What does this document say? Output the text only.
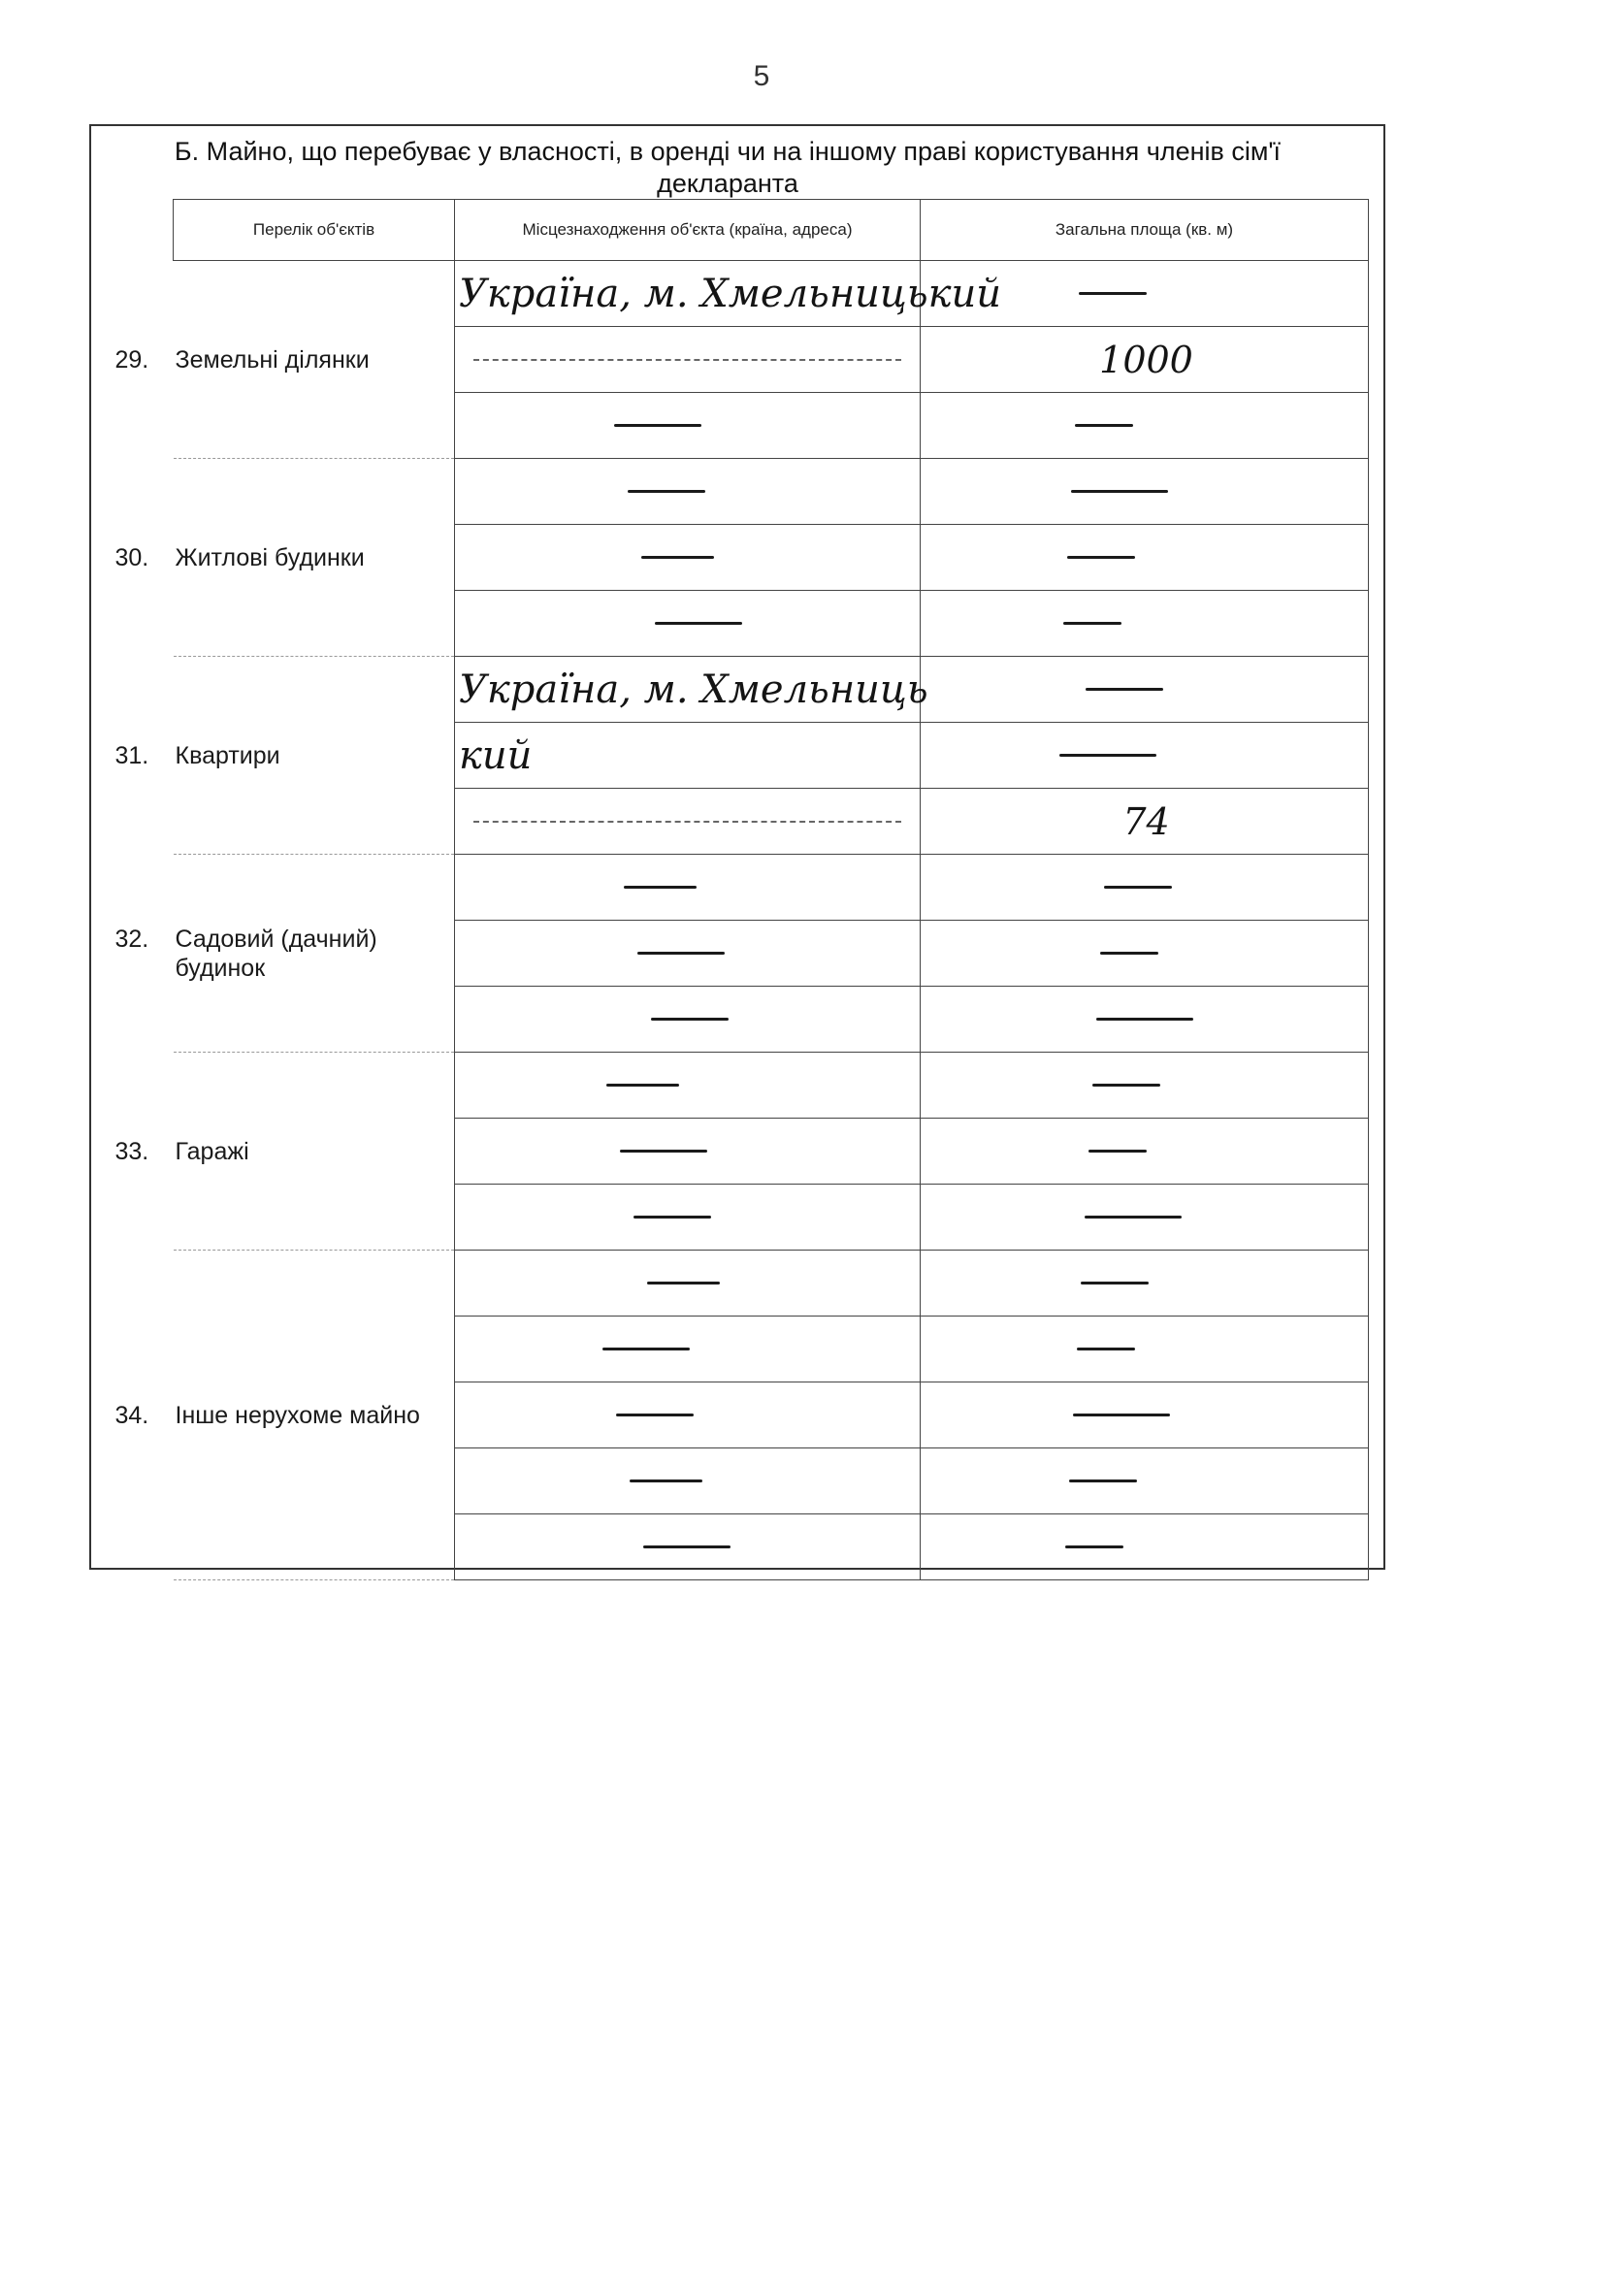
5
Б. Майно, що перебуває у власності, в оренді чи на іншому праві користування членів сім'ї декларанта
Перелік об'єктів	Місцезнаходження об'єкта (країна, адреса)	Загальна площа (кв. м)

29. Земельні ділянки	Україна, м. Хмельницький	

		1000

30. Житлові будинки		

31. Квартири	Україна, м. Хмельниць	

	кий	

		74

32. Садовий (дачний) будинок		

33. Гаражі		

34. Інше нерухоме майно		
